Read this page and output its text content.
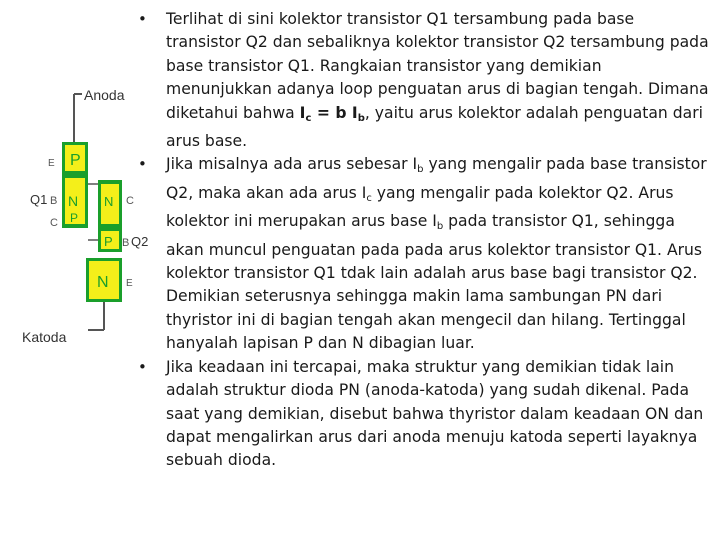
Anoda
P
N
P
N
P
N
Katoda
E
Q1 B
C
C
B Q2
E
• Terlihat di sini kolektor transistor Q1 tersambung pada base transistor Q2 dan sebaliknya kolektor transistor Q2 tersambung pada base transistor Q1. Rangkaian transistor yang demikian menunjukkan adanya loop penguatan arus di bagian tengah. Dimana diketahui bahwa $I_c = b$ $I_b$, yaitu arus kolektor adalah penguatan dari arus base.
• Jika misalnya ada arus sebesar $I_b$ yang mengalir pada base transistor Q2, maka akan ada arus $I_c$ yang mengalir pada kolektor Q2. Arus kolektor ini merupakan arus base $I_b$ pada transistor Q1, sehingga akan muncul penguatan pada pada arus kolektor transistor Q1. Arus kolektor transistor Q1 tdak lain adalah arus base bagi transistor Q2. Demikian seterusnya sehingga makin lama sambungan PN dari thyristor ini di bagian tengah akan mengecil dan hilang. Tertinggal hanyalah lapisan P dan N dibagian luar.
• Jika keadaan ini tercapai, maka struktur yang demikian tidak lain adalah struktur dioda PN (anoda-katoda) yang sudah dikenal. Pada saat yang demikian, disebut bahwa thyristor dalam keadaan ON dan dapat mengalirkan arus dari anoda menuju katoda seperti layaknya sebuah dioda.
